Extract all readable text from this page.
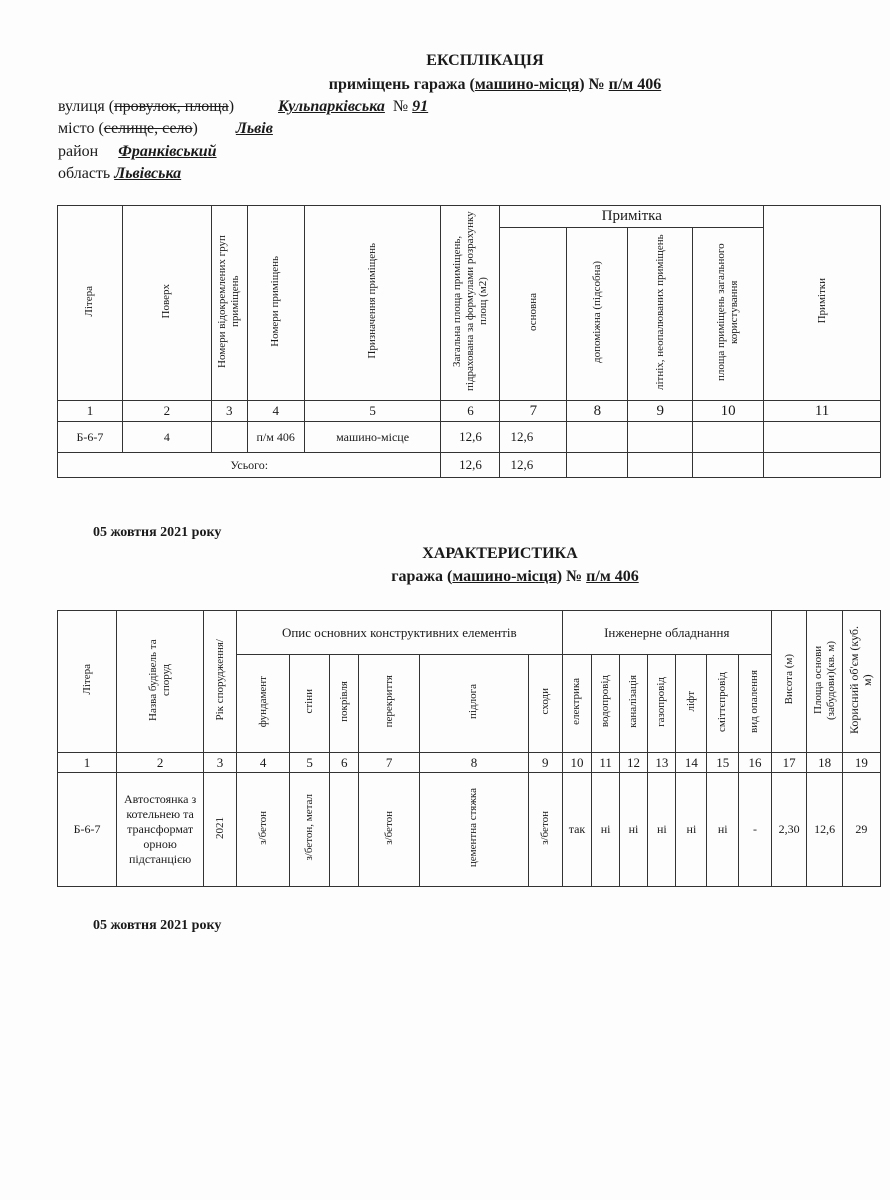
ЕКСПЛІКАЦІЯ
приміщень гаража (машино-місця) № п/м 406
вулиця (провулок, площа)	Кульпарківська № 91
місто (селище, село) Львів
район Франківський
область Львівська
Літера	Поверх	Номери відокремлених груп приміщень	Номери приміщень	Призначення приміщень	Загальна площа приміщень, підрахована за формулами розрахунку площ (м2)	Примітка				Примітки
						основна	допоміжна (підсобна)	літніх, неопалюваних приміщень	площа приміщень загального користування	
1	2	3	4	5	6	7	8	9	10	11
Б-6-7	4		п/м 406	машино-місце	12,6	12,6				
Усього:					12,6	12,6				
05 жовтня 2021 року
ХАРАКТЕРИСТИКА
гаража (машино-місця) № п/м 406
Літера	Назва будівель та споруд	Рік спорудження/	Опис основних конструктивних елементів						Інженерне обладнання							Висота (м)	Площа основи (забудови)(кв. м)	Корисний об'єм (куб. м)
			фундамент	стіни	покрівля	перекриття	підлога	сходи	електрика	водопровід	каналізація	газопровід	ліфт	сміттєпровід	вид опалення			
1	2	3	4	5	6	7	8	9	10	11	12	13	14	15	16	17	18	19
Б-6-7	Автостоянка з котельнею та трансформат орною підстанцією	2021	з/бетон	з/бетон, метал		з/бетон	цементна стяжка	з/бетон	так	ні	ні	ні	ні	ні	-	2,30	12,6	29
05 жовтня 2021 року
